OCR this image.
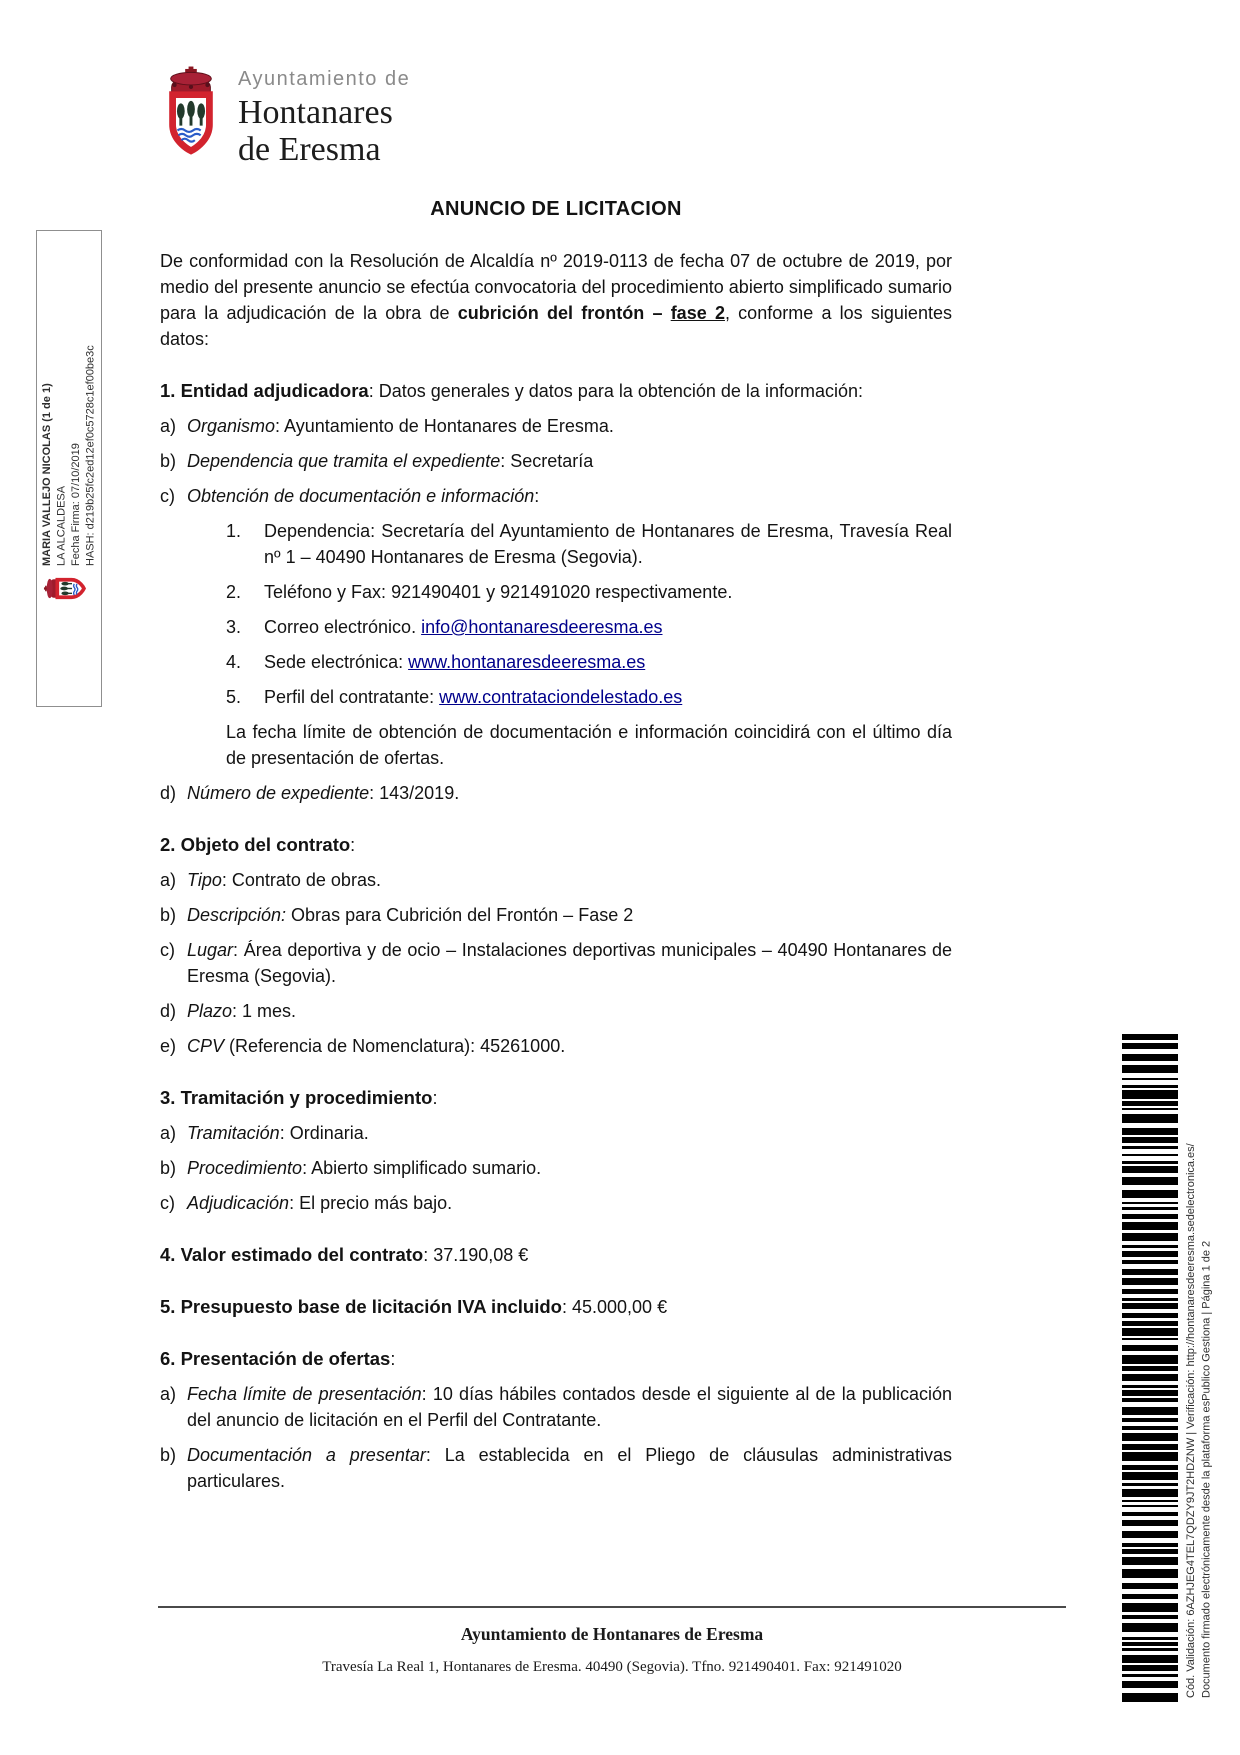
Ayuntamiento de
Hontanares
de Eresma
ANUNCIO DE LICITACION

De conformidad con la Resolución de Alcaldía nº 2019-0113 de fecha 07 de octubre de 2019, por medio del presente anuncio se efectúa convocatoria del procedimiento abierto simplificado sumario para la adjudicación de la obra de cubrición del frontón – fase 2, conforme a los siguientes datos:

1. Entidad adjudicadora: Datos generales y datos para la obtención de la información:
a) Organismo: Ayuntamiento de Hontanares de Eresma.
b) Dependencia que tramita el expediente: Secretaría
c) Obtención de documentación e información:
1.	Dependencia: Secretaría del Ayuntamiento de Hontanares de Eresma, Travesía Real nº 1 – 40490 Hontanares de Eresma (Segovia).
2.	Teléfono y Fax: 921490401 y 921491020 respectivamente.
3.	Correo electrónico. info@hontanaresdeeresma.es
4.	Sede electrónica: www.hontanaresdeeresma.es
5.	Perfil del contratante: www.contrataciondelestado.es
La fecha límite de obtención de documentación e información coincidirá con el último día de presentación de ofertas.
d) Número de expediente: 143/2019.
2. Objeto del contrato:
a) Tipo: Contrato de obras.
b) Descripción: Obras para Cubrición del Frontón – Fase 2
c) Lugar: Área deportiva y de ocio – Instalaciones deportivas municipales – 40490 Hontanares de Eresma (Segovia).
d) Plazo: 1 mes.
e) CPV (Referencia de Nomenclatura): 45261000.
3. Tramitación y procedimiento:
a) Tramitación: Ordinaria.
b) Procedimiento: Abierto simplificado sumario.
c) Adjudicación: El precio más bajo.
4. Valor estimado del contrato: 37.190,08 €
5. Presupuesto base de licitación IVA incluido: 45.000,00 €
6. Presentación de ofertas:
a) Fecha límite de presentación: 10 días hábiles contados desde el siguiente al de la publicación del anuncio de licitación en el Perfil del Contratante.
b) Documentación a presentar: La establecida en el Pliego de cláusulas administrativas particulares.
MARIA VALLEJO NICOLAS (1 de 1) LA ALCALDESA Fecha Firma: 07/10/2019 HASH: d219b25fc2ed12ef0c5728c1ef00be3c
Cód. Validación: 6AZHJEG4TEL7QDZY9JT2HDZNW | Verificación: http://hontanaresdeeresma.sedelectronica.es/ Documento firmado electrónicamente desde la plataforma esPublico Gestiona | Página 1 de 2
Ayuntamiento de Hontanares de Eresma
Travesía La Real 1, Hontanares de Eresma. 40490 (Segovia). Tfno. 921490401. Fax: 921491020
